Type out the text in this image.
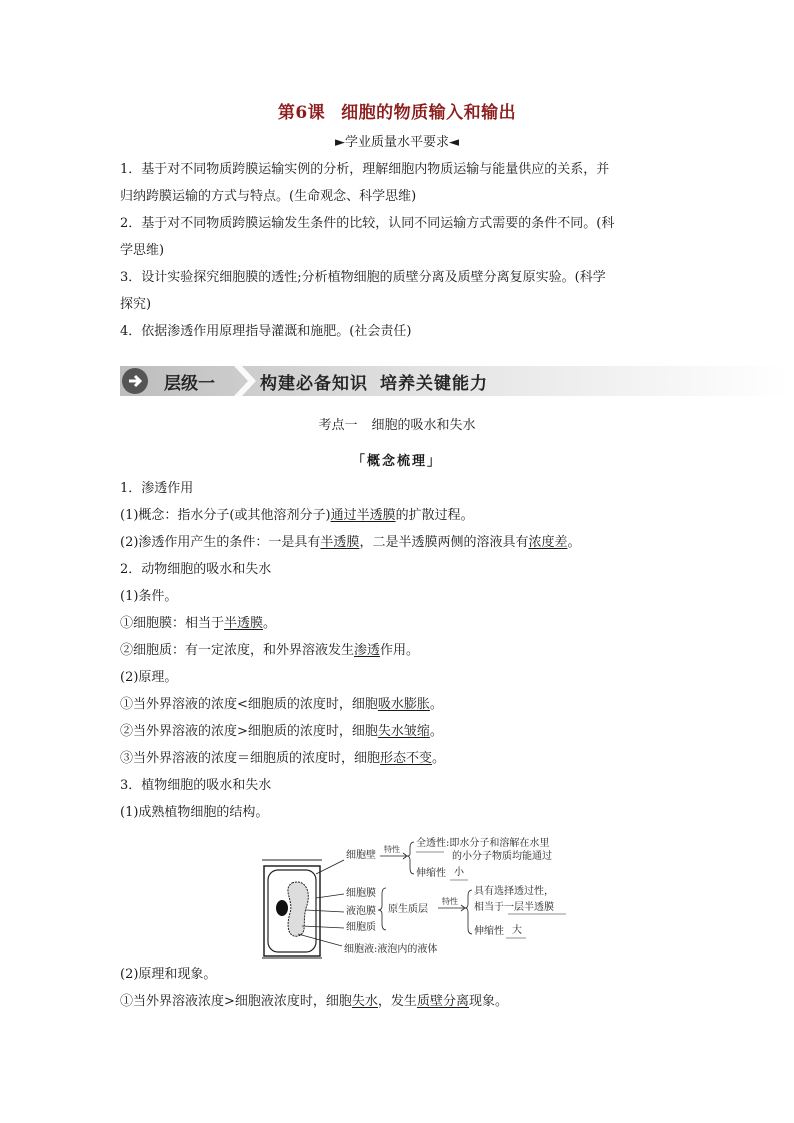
第6课 细胞的物质输入和输出
►学业质量水平要求◄
1．基于对不同物质跨膜运输实例的分析，理解细胞内物质运输与能量供应的关系，并
归纳跨膜运输的方式与特点。(生命观念、科学思维)
2．基于对不同物质跨膜运输发生条件的比较，认同不同运输方式需要的条件不同。(科
学思维)
3．设计实验探究细胞膜的透性;分析植物细胞的质壁分离及质壁分离复原实验。(科学
探究)
4．依据渗透作用原理指导灌溉和施肥。(社会责任)
层级一	构建必备知识 培养关键能力
考点一 细胞的吸水和失水
「概念梳理」
1．渗透作用
(1)概念：指水分子(或其他溶剂分子)通过半透膜的扩散过程。
(2)渗透作用产生的条件：一是具有半透膜，二是半透膜两侧的溶液具有浓度差。
2．动物细胞的吸水和失水
(1)条件。
①细胞膜：相当于半透膜。
②细胞质：有一定浓度，和外界溶液发生渗透作用。
(2)原理。
①当外界溶液的浓度<细胞质的浓度时，细胞吸水膨胀。
②当外界溶液的浓度>细胞质的浓度时，细胞失水皱缩。
③当外界溶液的浓度＝细胞质的浓度时，细胞形态不变。
3．植物细胞的吸水和失水
(1)成熟植物细胞的结构。
细胞壁
特性
全透性:即水分子和溶解在水里
的小分子物质均能通过
伸缩性 小
细胞膜
液泡膜
细胞质
原生质层
特性
具有选择透过性，
相当于一层半透膜
伸缩性 大
细胞液:液泡内的液体
(2)原理和现象。
①当外界溶液浓度>细胞液浓度时，细胞失水，发生质壁分离现象。
